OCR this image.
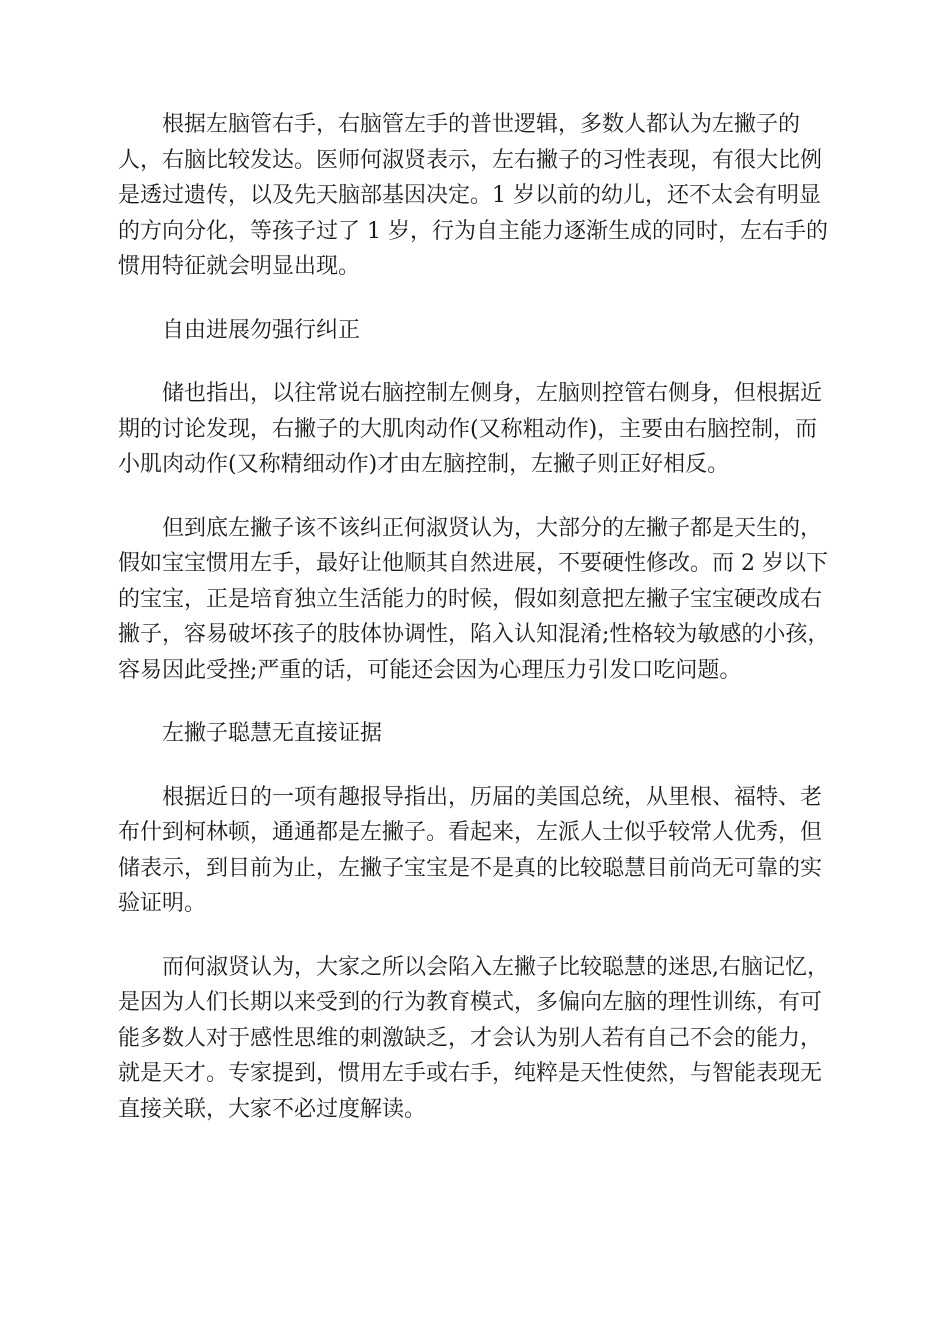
根据左脑管右手，右脑管左手的普世逻辑，多数人都认为左撇子的人，右脑比较发达。医师何淑贤表示，左右撇子的习性表现，有很大比例是透过遗传，以及先天脑部基因决定。1 岁以前的幼儿，还不太会有明显的方向分化，等孩子过了 1 岁，行为自主能力逐渐生成的同时，左右手的惯用特征就会明显出现。

自由进展勿强行纠正

储也指出，以往常说右脑控制左侧身，左脑则控管右侧身，但根据近期的讨论发现，右撇子的大肌肉动作(又称粗动作)，主要由右脑控制，而小肌肉动作(又称精细动作)才由左脑控制，左撇子则正好相反。

但到底左撇子该不该纠正何淑贤认为，大部分的左撇子都是天生的，假如宝宝惯用左手，最好让他顺其自然进展，不要硬性修改。而 2 岁以下的宝宝，正是培育独立生活能力的时候，假如刻意把左撇子宝宝硬改成右撇子，容易破坏孩子的肢体协调性，陷入认知混淆;性格较为敏感的小孩，容易因此受挫;严重的话，可能还会因为心理压力引发口吃问题。

左撇子聪慧无直接证据

根据近日的一项有趣报导指出，历届的美国总统，从里根、福特、老布什到柯林顿，通通都是左撇子。看起来，左派人士似乎较常人优秀，但储表示，到目前为止，左撇子宝宝是不是真的比较聪慧目前尚无可靠的实验证明。

而何淑贤认为，大家之所以会陷入左撇子比较聪慧的迷思,右脑记忆，是因为人们长期以来受到的行为教育模式，多偏向左脑的理性训练，有可能多数人对于感性思维的刺激缺乏，才会认为别人若有自己不会的能力，就是天才。专家提到，惯用左手或右手，纯粹是天性使然，与智能表现无直接关联，大家不必过度解读。
